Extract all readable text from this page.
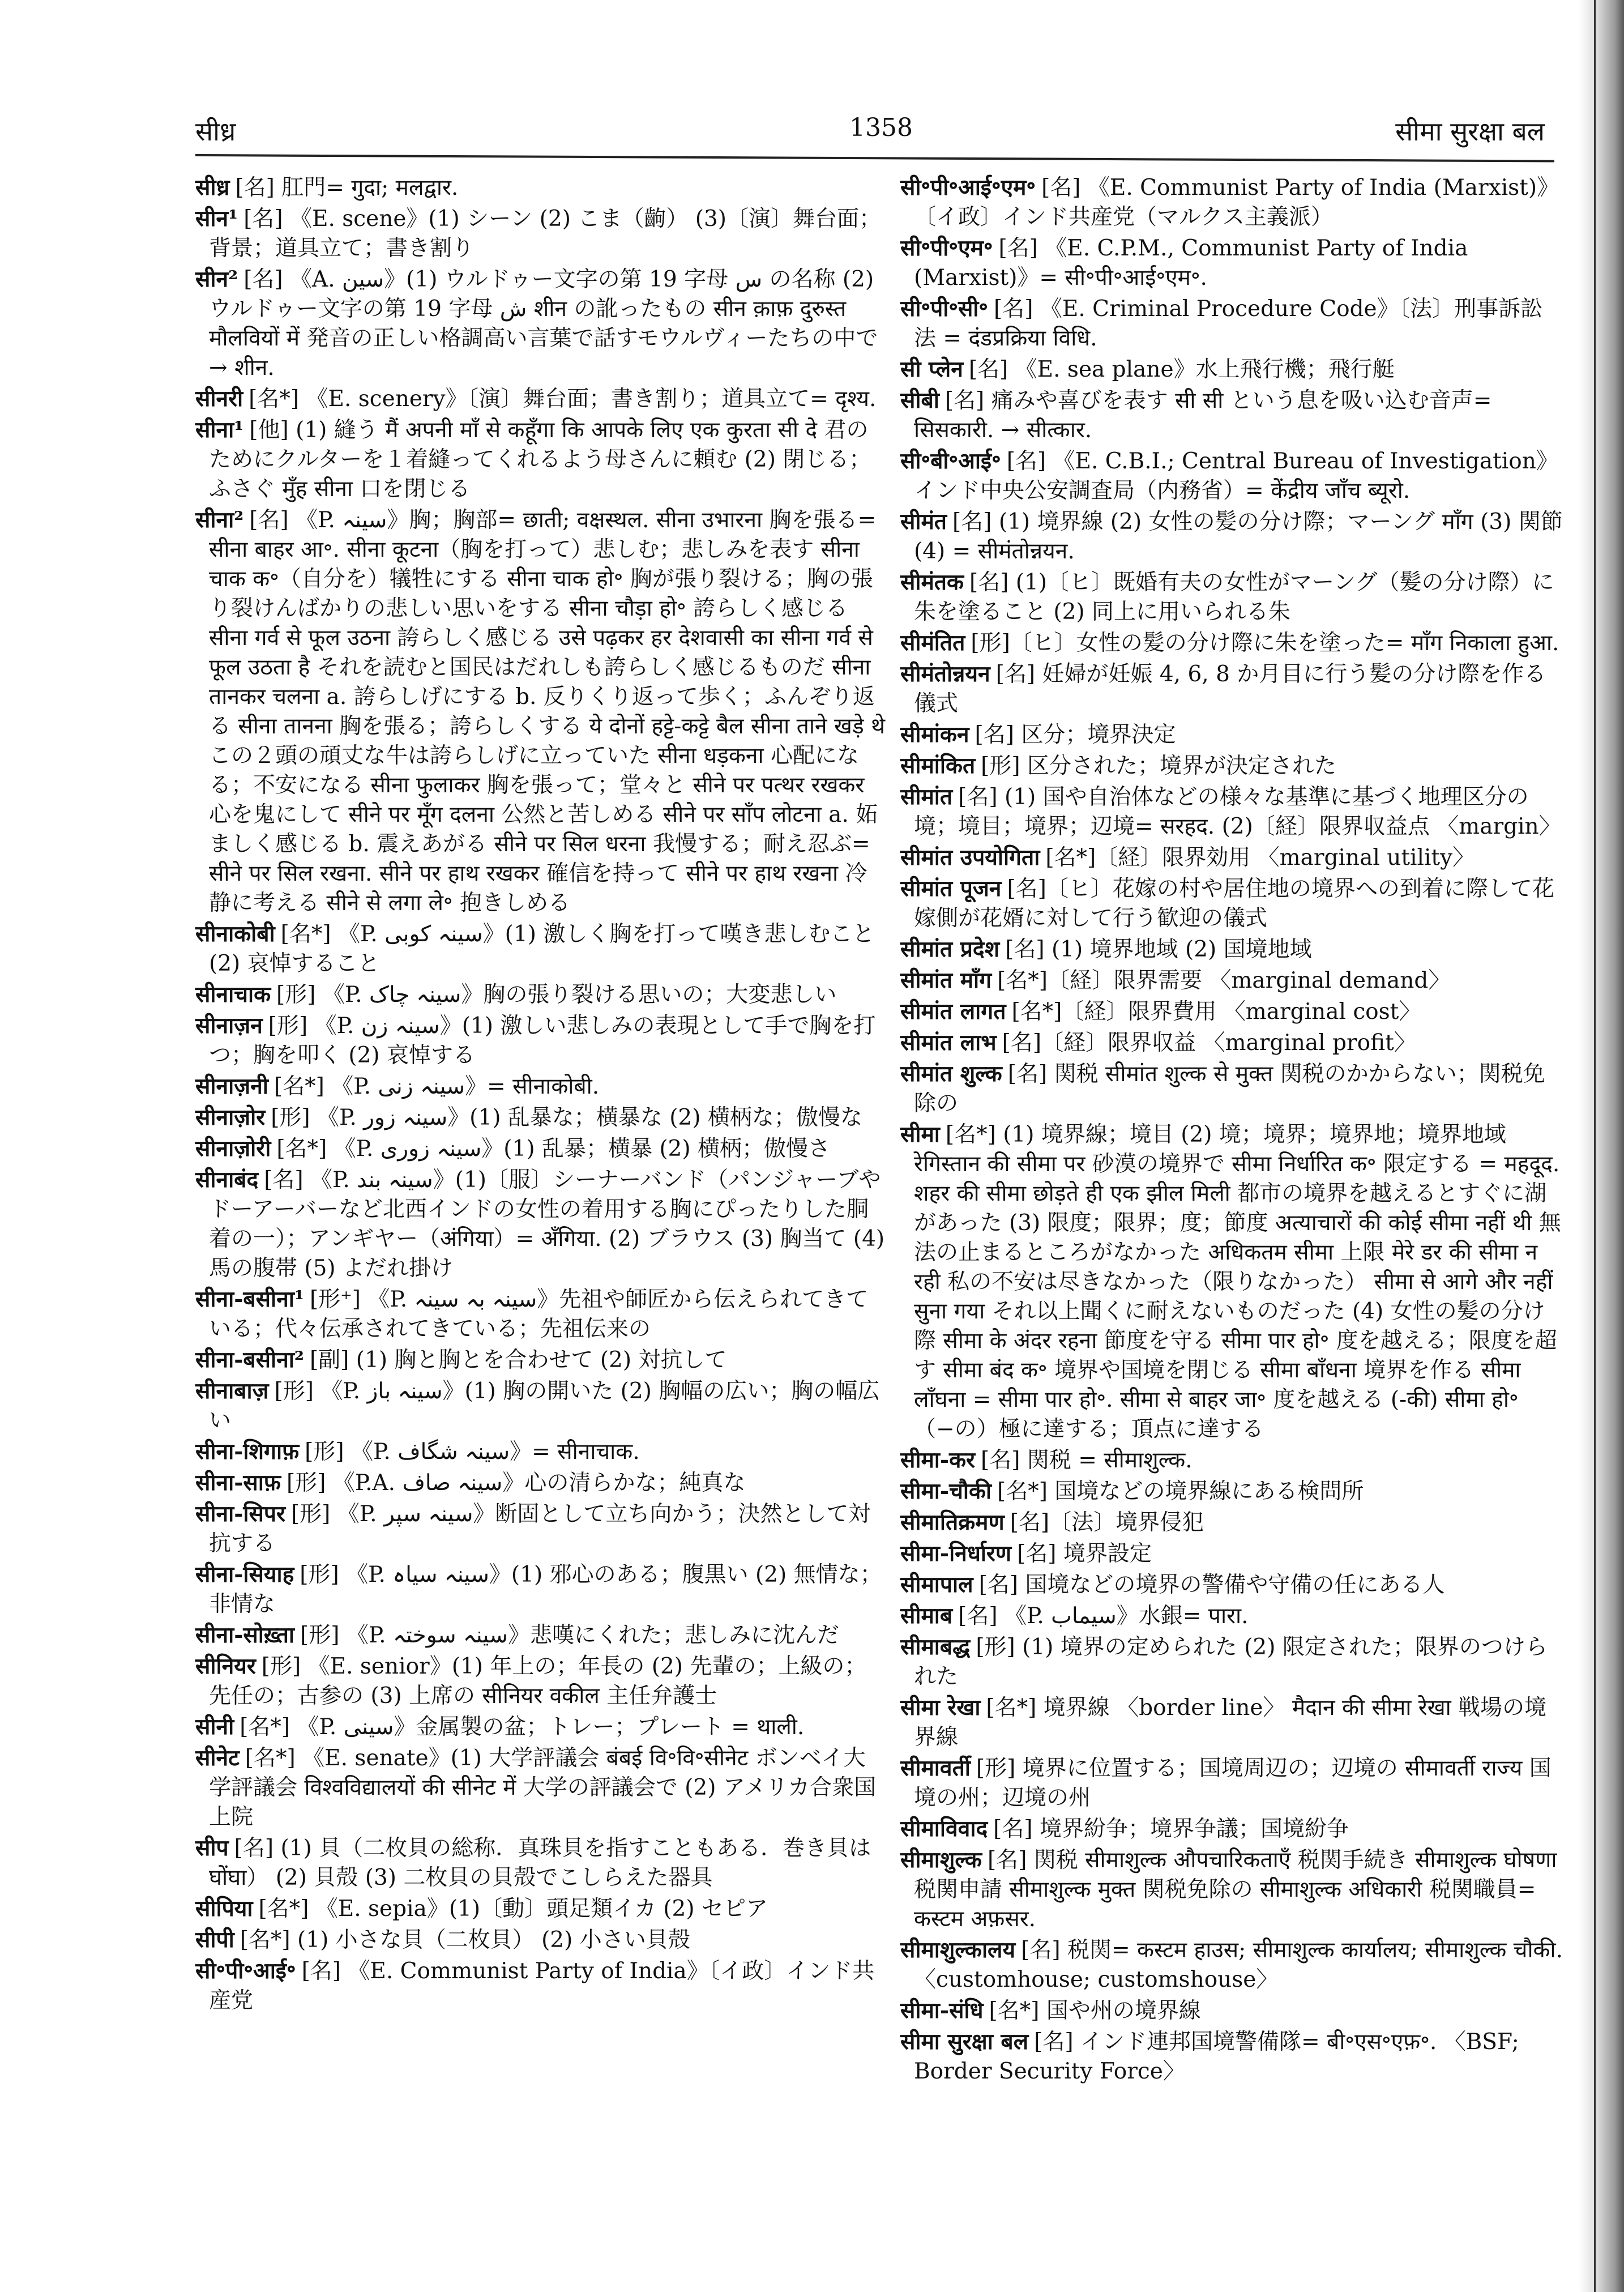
सीध्र	1358	सीमा सुरक्षा बल
सीध्र [名] 肛門= गुदा; मलद्वार.
सीन¹ [名] 《E. scene》(1) シーン (2) こま（齣） (3)〔演〕舞台面；背景；道具立て；書き割り
सीन² [名] 《A. سین》(1) ウルドゥー文字の第 19 字母 س の名称 (2) ウルドゥー文字の第 19 字母 ش शीन の訛ったもの सीन क़ाफ़ दुरुस्त मौलवियों में 発音の正しい格調高い言葉で話すモウルヴィーたちの中で→ शीन.
सीनरी [名*] 《E. scenery》〔演〕舞台面；書き割り；道具立て= दृश्य.
सीना¹ [他] (1) 縫う मैं अपनी माँ से कहूँगा कि आपके लिए एक कुरता सी दे 君のためにクルターを１着縫ってくれるよう母さんに頼む (2) 閉じる；ふさぐ मुँह सीना 口を閉じる
सीना² [名] 《P. سینہ》胸；胸部= छाती; वक्षस्थल. सीना उभारना 胸を張る= सीना बाहर आ॰. सीना कूटना（胸を打って）悲しむ；悲しみを表す सीना चाक क॰（自分を）犠牲にする सीना चाक हो॰ 胸が張り裂ける；胸の張り裂けんばかりの悲しい思いをする सीना चौड़ा हो॰ 誇らしく感じる सीना गर्व से फूल उठना 誇らしく感じる उसे पढ़कर हर देशवासी का सीना गर्व से फूल उठता है それを読むと国民はだれしも誇らしく感じるものだ सीना तानकर चलना a. 誇らしげにする b. 反りくり返って歩く；ふんぞり返る सीना तानना 胸を張る；誇らしくする ये दोनों हट्टे-कट्टे बैल सीना ताने खड़े थे この２頭の頑丈な牛は誇らしげに立っていた सीना धड़कना 心配になる；不安になる सीना फुलाकर 胸を張って；堂々と सीने पर पत्थर रखकर 心を鬼にして सीने पर मूँग दलना 公然と苦しめる सीने पर साँप लोटना a. 妬ましく感じる b. 震えあがる सीने पर सिल धरना 我慢する；耐え忍ぶ= सीने पर सिल रखना. सीने पर हाथ रखकर 確信を持って सीने पर हाथ रखना 冷静に考える सीने से लगा ले॰ 抱きしめる
सीनाकोबी [名*] 《P. سینہ کوبی》(1) 激しく胸を打って嘆き悲しむこと (2) 哀悼すること
सीनाचाक [形] 《P. سینہ چاک》胸の張り裂ける思いの；大変悲しい
सीनाज़न [形] 《P. سینہ زن》(1) 激しい悲しみの表現として手で胸を打つ；胸を叩く (2) 哀悼する
सीनाज़नी [名*] 《P. سینہ زنی》= सीनाकोबी.
सीनाज़ोर [形] 《P. سینہ زور》(1) 乱暴な；横暴な (2) 横柄な；傲慢な
सीनाज़ोरी [名*] 《P. سینہ زوری》(1) 乱暴；横暴 (2) 横柄；傲慢さ
सीनाबंद [名] 《P. سینہ بند》(1)〔服〕シーナーバンド（パンジャーブやドーアーバーなど北西インドの女性の着用する胸にぴったりした胴着の一）；アンギヤー（अंगिया）= अँगिया. (2) ブラウス (3) 胸当て (4) 馬の腹帯 (5) よだれ掛け
सीना-बसीना¹ [形⁺] 《P. سینہ بہ سینہ》先祖や師匠から伝えられてきている；代々伝承されてきている；先祖伝来の
सीना-बसीना² [副] (1) 胸と胸とを合わせて (2) 対抗して
सीनाबाज़ [形] 《P. سینہ باز》(1) 胸の開いた (2) 胸幅の広い；胸の幅広い
सीना-शिगाफ़ [形] 《P. سینہ شگاف》= सीनाचाक.
सीना-साफ़ [形] 《P.A. سینہ صاف》心の清らかな；純真な
सीना-सिपर [形] 《P. سینہ سپر》断固として立ち向かう；決然として対抗する
सीना-सियाह [形] 《P. سینہ سیاہ》(1) 邪心のある；腹黒い (2) 無情な；非情な
सीना-सोख़्ता [形] 《P. سینہ سوختہ》悲嘆にくれた；悲しみに沈んだ
सीनियर [形] 《E. senior》(1) 年上の；年長の (2) 先輩の；上級の；先任の；古参の (3) 上席の सीनियर वकील 主任弁護士
सीनी [名*] 《P. سینی》金属製の盆；トレー；プレート = थाली.
सीनेट [名*] 《E. senate》(1) 大学評議会 बंबई वि॰वि॰सीनेट ボンベイ大学評議会 विश्वविद्यालयों की सीनेट में 大学の評議会で (2) アメリカ合衆国上院
सीप [名] (1) 貝（二枚貝の総称．真珠貝を指すこともある．巻き貝は घोंघा） (2) 貝殻 (3) 二枚貝の貝殻でこしらえた器具
सीपिया [名*] 《E. sepia》(1)〔動〕頭足類イカ (2) セピア
सीपी [名*] (1) 小さな貝（二枚貝） (2) 小さい貝殻
सी॰पी॰आई॰ [名] 《E. Communist Party of India》〔イ政〕インド共産党
सी॰पी॰आई॰एम॰ [名] 《E. Communist Party of India (Marxist)》〔イ政〕インド共産党（マルクス主義派）
सी॰पी॰एम॰ [名] 《E. C.P.M., Communist Party of India (Marxist)》= सी॰पी॰आई॰एम॰.
सी॰पी॰सी॰ [名] 《E. Criminal Procedure Code》〔法〕刑事訴訟法 = दंडप्रक्रिया विधि.
सी प्लेन [名] 《E. sea plane》水上飛行機；飛行艇
सीबी [名] 痛みや喜びを表す सी सी という息を吸い込む音声= सिसकारी. → सीत्कार.
सी॰बी॰आई॰ [名] 《E. C.B.I.; Central Bureau of Investigation》インド中央公安調査局（内務省）= केंद्रीय जाँच ब्यूरो.
सीमंत [名] (1) 境界線 (2) 女性の髪の分け際；マーング माँग (3) 関節 (4) = सीमंतोन्नयन.
सीमंतक [名] (1)〔ヒ〕既婚有夫の女性がマーング（髪の分け際）に朱を塗ること (2) 同上に用いられる朱
सीमंतित [形]〔ヒ〕女性の髪の分け際に朱を塗った= माँग निकाला हुआ.
सीमंतोन्नयन [名] 妊婦が妊娠 4, 6, 8 か月目に行う髪の分け際を作る儀式
सीमांकन [名] 区分；境界決定
सीमांकित [形] 区分された；境界が決定された
सीमांत [名] (1) 国や自治体などの様々な基準に基づく地理区分の境；境目；境界；辺境= सरहद. (2)〔経〕限界収益点 〈margin〉
सीमांत उपयोगिता [名*]〔経〕限界効用 〈marginal utility〉
सीमांत पूजन [名]〔ヒ〕花嫁の村や居住地の境界への到着に際して花嫁側が花婿に対して行う歓迎の儀式
सीमांत प्रदेश [名] (1) 境界地域 (2) 国境地域
सीमांत माँग [名*]〔経〕限界需要 〈marginal demand〉
सीमांत लागत [名*]〔経〕限界費用 〈marginal cost〉
सीमांत लाभ [名]〔経〕限界収益 〈marginal profit〉
सीमांत शुल्क [名] 関税 सीमांत शुल्क से मुक्त 関税のかからない；関税免除の
सीमा [名*] (1) 境界線；境目 (2) 境；境界；境界地；境界地域 रेगिस्तान की सीमा पर 砂漠の境界で सीमा निर्धारित क॰ 限定する = महदूद. शहर की सीमा छोड़ते ही एक झील मिली 都市の境界を越えるとすぐに湖があった (3) 限度；限界；度；節度 अत्याचारों की कोई सीमा नहीं थी 無法の止まるところがなかった अधिकतम सीमा 上限 मेरे डर की सीमा न रही 私の不安は尽きなかった（限りなかった） सीमा से आगे और नहीं सुना गया それ以上聞くに耐えないものだった (4) 女性の髪の分け際 सीमा के अंदर रहना 節度を守る सीमा पार हो॰ 度を越える；限度を超す सीमा बंद क॰ 境界や国境を閉じる सीमा बाँधना 境界を作る सीमा लाँघना = सीमा पार हो॰. सीमा से बाहर जा॰ 度を越える (-की) सीमा हो॰（−の）極に達する；頂点に達する
सीमा-कर [名] 関税 = सीमाशुल्क.
सीमा-चौकी [名*] 国境などの境界線にある検問所
सीमातिक्रमण [名]〔法〕境界侵犯
सीमा-निर्धारण [名] 境界設定
सीमापाल [名] 国境などの境界の警備や守備の任にある人
सीमाब [名] 《P. سیماب》水銀= पारा.
सीमाबद्ध [形] (1) 境界の定められた (2) 限定された；限界のつけられた
सीमा रेखा [名*] 境界線 〈border line〉 मैदान की सीमा रेखा 戦場の境界線
सीमावर्ती [形] 境界に位置する；国境周辺の；辺境の सीमावर्ती राज्य 国境の州；辺境の州
सीमाविवाद [名] 境界紛争；境界争議；国境紛争
सीमाशुल्क [名] 関税 सीमाशुल्क औपचारिकताएँ 税関手続き सीमाशुल्क घोषणा 税関申請 सीमाशुल्क मुक्त 関税免除の सीमाशुल्क अधिकारी 税関職員= कस्टम अफ़सर.
सीमाशुल्कालय [名] 税関= कस्टम हाउस; सीमाशुल्क कार्यालय; सीमाशुल्क चौकी. 〈customhouse; customshouse〉
सीमा-संधि [名*] 国や州の境界線
सीमा सुरक्षा बल [名] インド連邦国境警備隊= बी॰एस॰एफ़॰. 〈BSF; Border Security Force〉
